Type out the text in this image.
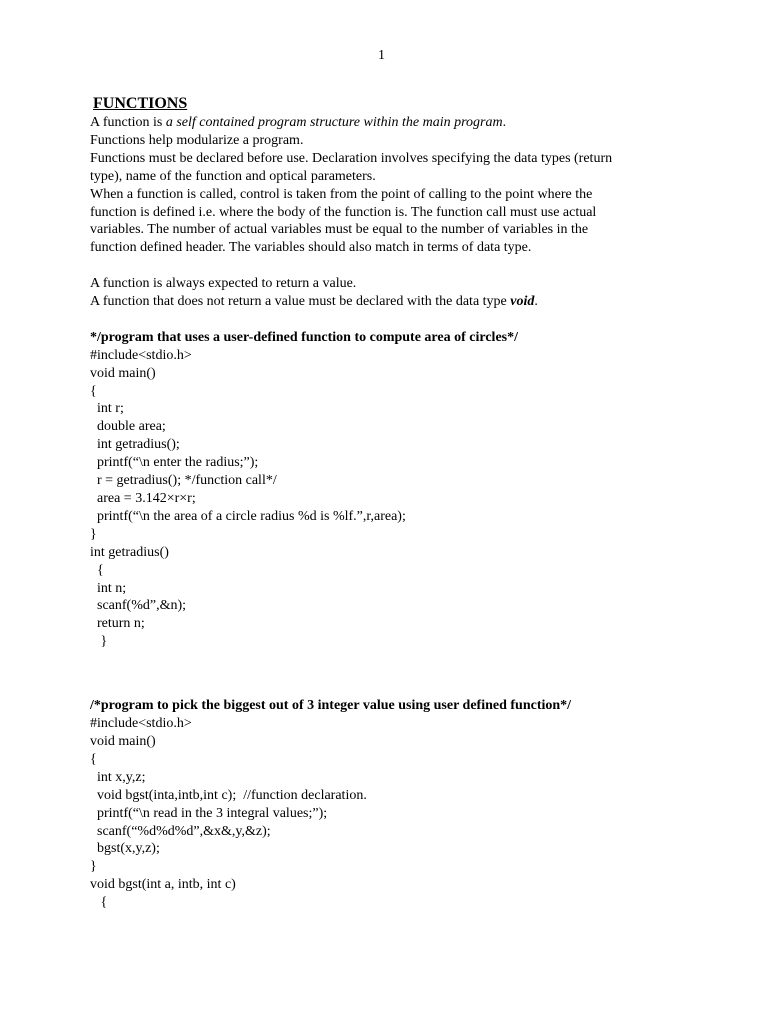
1
FUNCTIONS
A function is a self contained program structure within the main program.
Functions help modularize a program.
Functions must be declared before use. Declaration involves specifying the data types (return
type), name of the function and optical parameters.
When a function is called, control is taken from the point of calling to the point where the
function is defined i.e. where the body of the function is. The function call must use actual
variables. The number of actual variables must be equal to the number of variables in the
function defined header. The variables should also match in terms of data type.
A function is always expected to return a value.
A function that does not return a value must be declared with the data type void.
*/program that uses a user-defined function to compute area of circles*/
#include<stdio.h>
void main()
{
int r;
double area;
int getradius();
printf(“\n enter the radius;”);
r = getradius(); */function call*/
area = 3.142×r×r;
printf(“\n the area of a circle radius %d is %lf.”,r,area);
}
int getradius()
{
int n;
scanf(%d”,&n);
return n;
}
/*program to pick the biggest out of 3 integer value using user defined function*/
#include<stdio.h>
void main()
{
int x,y,z;
void bgst(inta,intb,int c);  //function declaration.
printf(“\n read in the 3 integral values;”);
scanf(“%d%d%d”,&x&,y,&z);
bgst(x,y,z);
}
void bgst(int a, intb, int c)
{
